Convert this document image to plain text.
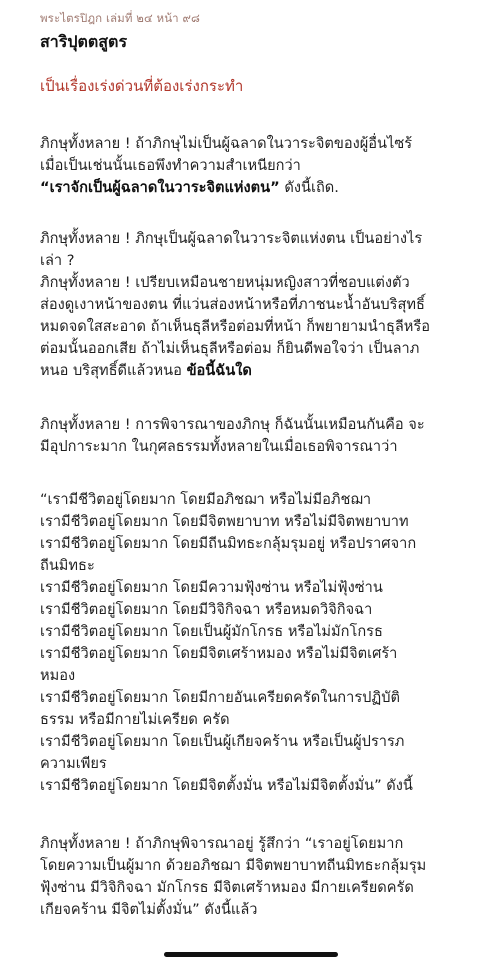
พระไตรปิฎก เล่มที่ ๒๔ หน้า ๙๘
สาริปุตตสูตร
เป็นเรื่องเร่งด่วนที่ต้องเร่งกระทำ
ภิกษุทั้งหลาย ! ถ้าภิกษุไม่เป็นผู้ฉลาดในวาระจิตของผู้อื่นไซร้
เมื่อเป็นเช่นนั้นเธอพึงทำความสำเหนียกว่า
“เราจักเป็นผู้ฉลาดในวาระจิตแห่งตน” ดังนี้เถิด.
ภิกษุทั้งหลาย ! ภิกษุเป็นผู้ฉลาดในวาระจิตแห่งตน เป็นอย่างไร
เล่า ?
ภิกษุทั้งหลาย ! เปรียบเหมือนชายหนุ่มหญิงสาวที่ชอบแต่งตัว
ส่องดูเงาหน้าของตน ที่แว่นส่องหน้าหรือที่ภาชนะน้ำอันบริสุทธิ์
หมดจดใสสะอาด ถ้าเห็นธุลีหรือต่อมที่หน้า ก็พยายามนำธุลีหรือ
ต่อมนั้นออกเสีย ถ้าไม่เห็นธุลีหรือต่อม ก็ยินดีพอใจว่า เป็นลาภ
หนอ บริสุทธิ์ดีแล้วหนอ ข้อนี้ฉันใด
ภิกษุทั้งหลาย ! การพิจารณาของภิกษุ ก็ฉันนั้นเหมือนกันคือ จะ
มีอุปการะมาก ในกุศลธรรมทั้งหลายในเมื่อเธอพิจารณาว่า
“เรามีชีวิตอยู่โดยมาก โดยมีอภิชฌา หรือไม่มีอภิชฌา
เรามีชีวิตอยู่โดยมาก โดยมีจิตพยาบาท หรือไม่มีจิตพยาบาท
เรามีชีวิตอยู่โดยมาก โดยมีถีนมิทธะกลุ้มรุมอยู่ หรือปราศจาก
ถีนมิทธะ
เรามีชีวิตอยู่โดยมาก โดยมีความฟุ้งซ่าน หรือไม่ฟุ้งซ่าน
เรามีชีวิตอยู่โดยมาก โดยมีวิจิกิจฉา หรือหมดวิจิกิจฉา
เรามีชีวิตอยู่โดยมาก โดยเป็นผู้มักโกรธ หรือไม่มักโกรธ
เรามีชีวิตอยู่โดยมาก โดยมีจิตเศร้าหมอง หรือไม่มีจิตเศร้า
หมอง
เรามีชีวิตอยู่โดยมาก โดยมีกายอันเครียดครัดในการปฏิบัติ
ธรรม หรือมีกายไม่เครียด ครัด
เรามีชีวิตอยู่โดยมาก โดยเป็นผู้เกียจคร้าน หรือเป็นผู้ปรารภ
ความเพียร
เรามีชีวิตอยู่โดยมาก โดยมีจิตตั้งมั่น หรือไม่มีจิตตั้งมั่น” ดังนี้
ภิกษุทั้งหลาย ! ถ้าภิกษุพิจารณาอยู่ รู้สึกว่า “เราอยู่โดยมาก
โดยความเป็นผู้มาก ด้วยอภิชฌา มีจิตพยาบาทถีนมิทธะกลุ้มรุม
ฟุ้งซ่าน มีวิจิกิจฉา มักโกรธ มีจิตเศร้าหมอง มีกายเครียดครัด
เกียจคร้าน มีจิตไม่ตั้งมั่น” ดังนี้แล้ว
